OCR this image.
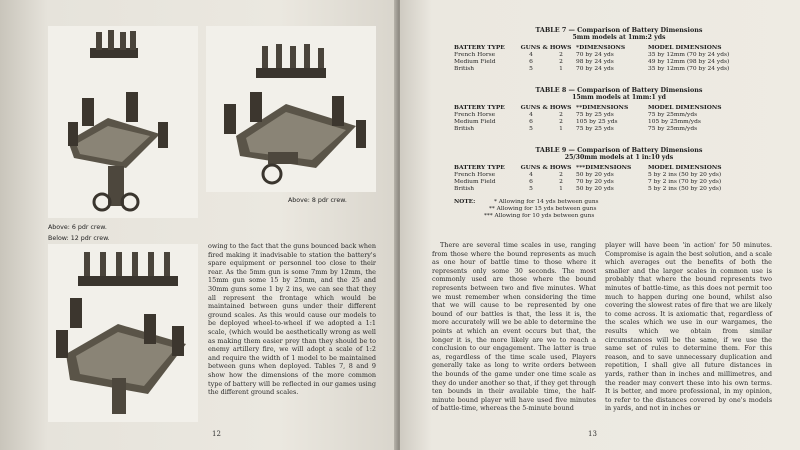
Above: 6 pdr crew.
Above: 8 pdr crew.
Below: 12 pdr crew.

owing to the fact that the guns bounced back when fired making it inadvisable to station the battery's spare equipment or personnel too close to their rear. As the 5mm gun is some 7mm by 12mm, the 15mm gun some 15 by 25mm, and the 25 and 30mm guns some 1 by 2 ins, we can see that they all represent the frontage which would be maintained between guns under their different ground scales. As this would cause our models to be deployed wheel-to-wheel if we adopted a 1:1 scale, (which would be aesthetically wrong as well as making them easier prey than they should be to enemy artillery fire, we will adopt a scale of 1:2 and require the width of 1 model to be maintained between guns when deployed. Tables 7, 8 and 9 show how the dimensions of the more common type of battery will be reflected in our games using the different ground scales.

12
TABLE 7 — Comparison of Battery Dimensions
5mm models at 1mm:2 yds
BATTERY TYPE	GUNS & HOWS		*DIMENSIONS	MODEL DIMENSIONS
French Horse	4	2	70 by 24 yds	35 by 12mm (70 by 24 yds)
Medium Field	6	2	98 by 24 yds	49 by 12mm (98 by 24 yds)
British	5	1	70 by 24 yds	35 by 12mm (70 by 24 yds)
TABLE 8 — Comparison of Battery Dimensions
15mm models at 1mm:1 yd
BATTERY TYPE	GUNS & HOWS		**DIMENSIONS	MODEL DIMENSIONS
French Horse	4	2	75 by 25 yds	75 by 25mm/yds
Medium Field	6	2	105 by 25 yds	105 by 25mm/yds
British	5	1	75 by 25 yds	75 by 25mm/yds
TABLE 9 — Comparison of Battery Dimensions
25/30mm models at 1 in:10 yds
BATTERY TYPE	GUNS & HOWS		***DIMENSIONS	MODEL DIMENSIONS
French Horse	4	2	50 by 20 yds	5 by 2 ins (50 by 20 yds)
Medium Field	6	2	70 by 20 yds	7 by 2 ins (70 by 20 yds)
British	5	1	50 by 20 yds	5 by 2 ins (50 by 20 yds)
NOTE:	* Allowing for 14 yds between guns
** Allowing for 15 yds between guns
*** Allowing for 10 yds between guns

There are several time scales in use, ranging from those where the bound represents as much as one hour of battle time to those where it represents only some 30 seconds. The most commonly used are those where the bound represents between two and five minutes. What we must remember when considering the time that we will cause to be represented by one bound of our battles is that, the less it is, the more accurately will we be able to determine the points at which an event occurs but that, the longer it is, the more likely are we to reach a conclusion to our engagement. The latter is true as, regardless of the time scale used, Players generally take as long to write orders between the bounds of the game under one time scale as they do under another so that, if they get through ten bounds in their available time, the half-minute bound player will have used five minutes of battle-time, whereas the 5-minute bound

player will have been 'in action' for 50 minutes. Compromise is again the best solution, and a scale which averages out the benefits of both the smaller and the larger scales in common use is probably that where the bound represents two minutes of battle-time, as this does not permit too much to happen during one bound, whilst also covering the slowest rates of fire that we are likely to come across. It is axiomatic that, regardless of the scales which we use in our wargames, the results which we obtain from similar circumstances will be the same, if we use the same set of rules to determine them. For this reason, and to save unnecessary duplication and repetition, I shall give all future distances in yards, rather than in inches and millimetres, and the reader may convert these into his own terms. It is better, and more professional, in my opinion, to refer to the distances covered by one's models in yards, and not in inches or

13
